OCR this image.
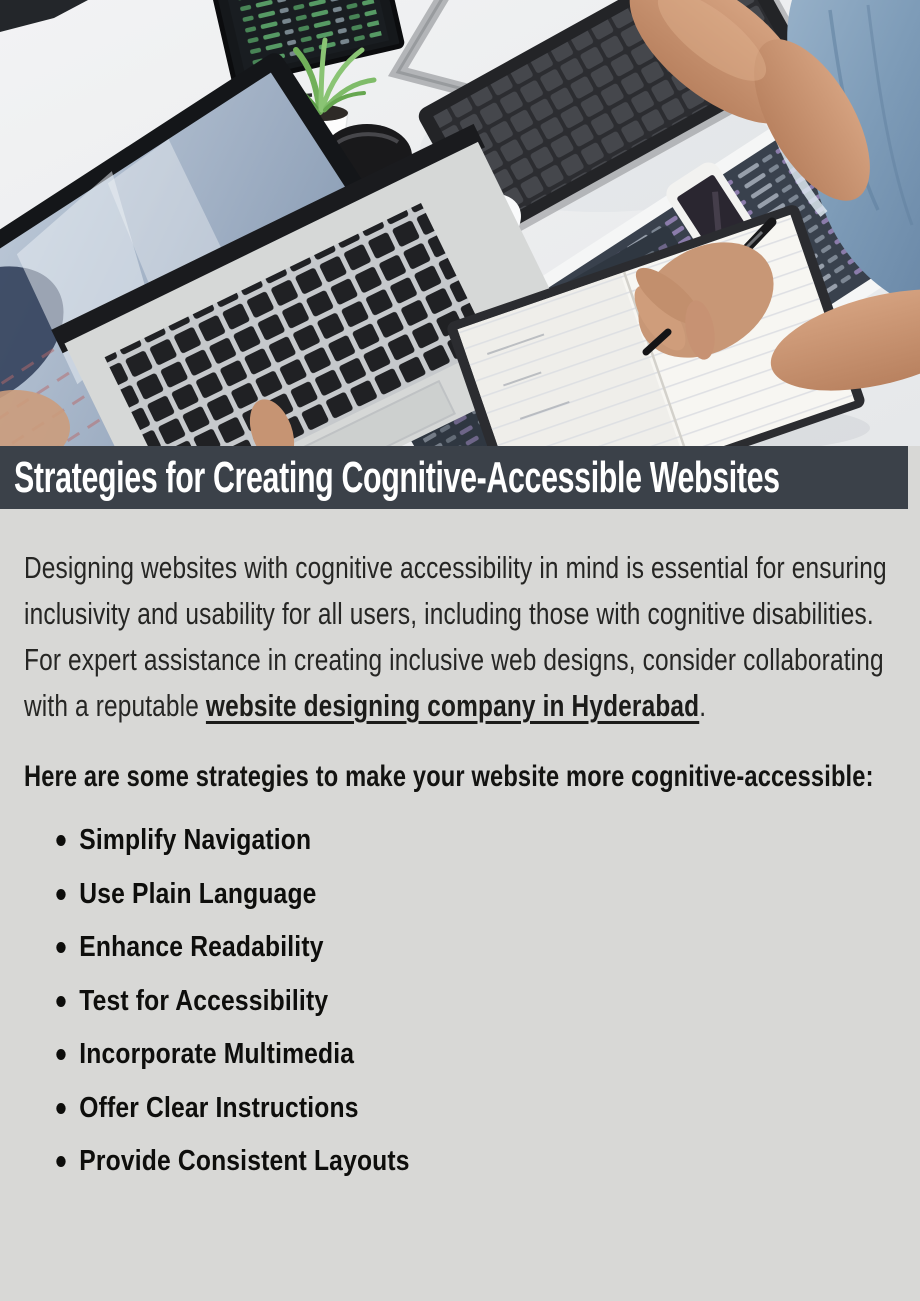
Strategies for Creating Cognitive-Accessible Websites

Designing websites with cognitive accessibility in mind is essential for ensuring inclusivity and usability for all users, including those with cognitive disabilities. For expert assistance in creating inclusive web designs, consider collaborating with a reputable website designing company in Hyderabad.

Here are some strategies to make your website more cognitive-accessible:
Simplify Navigation
Use Plain Language
Enhance Readability
Test for Accessibility
Incorporate Multimedia
Offer Clear Instructions
Provide Consistent Layouts
